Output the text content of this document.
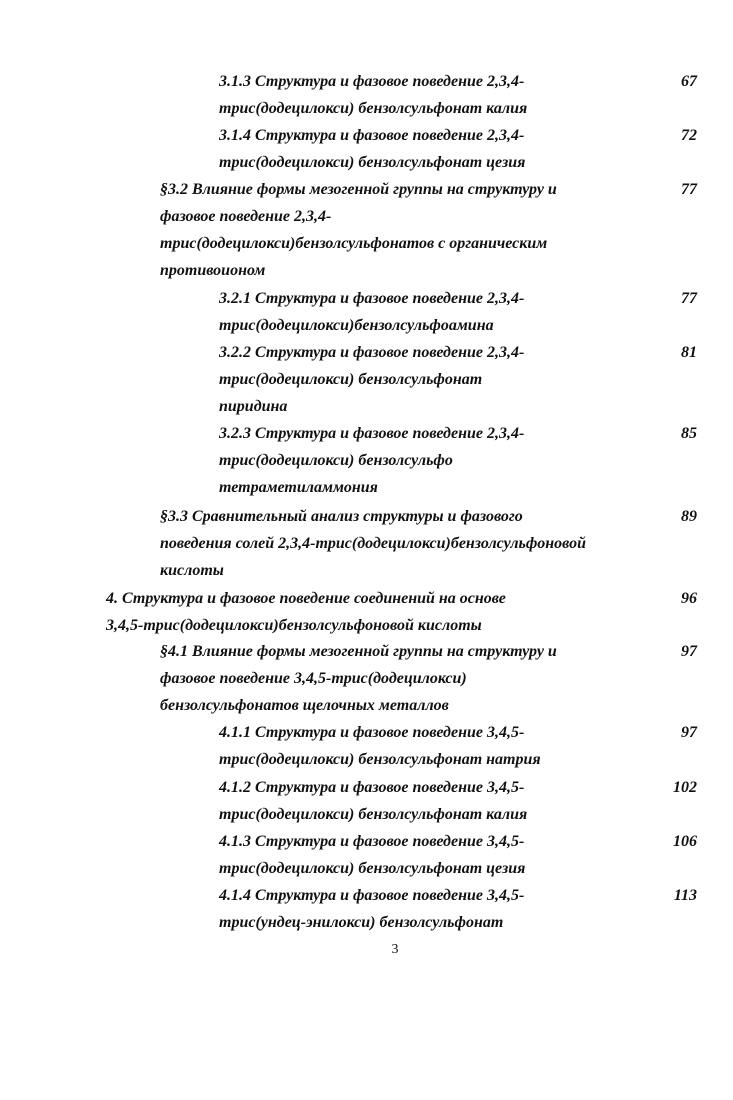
3.1.3 Структура и фазовое поведение 2,3,4-
трис(додецилокси) бензолсульфонат калия
67
3.1.4 Структура и фазовое поведение 2,3,4-
трис(додецилокси) бензолсульфонат цезия
72
§3.2 Влияние формы мезогенной группы на структуру и
фазовое поведение 2,3,4-
трис(додецилокси)бензолсульфонатов с органическим
противоионом
77
3.2.1 Структура и фазовое поведение 2,3,4-
трис(додецилокси)бензолсульфоамина
77
3.2.2 Структура и фазовое поведение 2,3,4-
трис(додецилокси) бензолсульфонат
пиридина
81
3.2.3 Структура и фазовое поведение 2,3,4-
трис(додецилокси) бензолсульфо
тетраметиламмония
85
§3.3 Сравнительный анализ структуры и фазового
поведения солей 2,3,4-трис(додецилокси)бензолсульфоновой
кислоты
89
4. Структура и фазовое поведение соединений на основе
3,4,5-трис(додецилокси)бензолсульфоновой кислоты
96
§4.1 Влияние формы мезогенной группы на структуру и
фазовое поведение 3,4,5-трис(додецилокси)
бензолсульфонатов щелочных металлов
97
4.1.1 Структура и фазовое поведение 3,4,5-
трис(додецилокси) бензолсульфонат натрия
97
4.1.2 Структура и фазовое поведение 3,4,5-
трис(додецилокси) бензолсульфонат калия
102
4.1.3 Структура и фазовое поведение 3,4,5-
трис(додецилокси) бензолсульфонат цезия
106
4.1.4 Структура и фазовое поведение 3,4,5-
трис(ундец-энилокси) бензолсульфонат
113
3
